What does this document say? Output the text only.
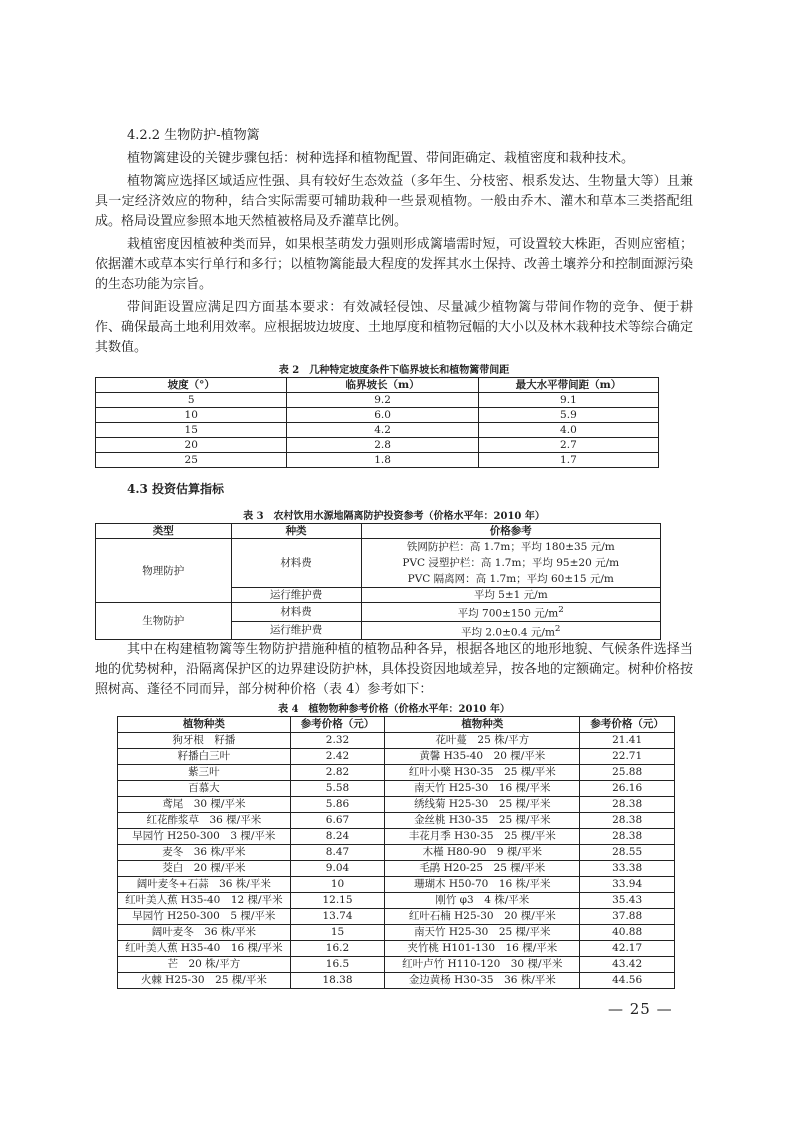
4.2.2 生物防护-植物篱

植物篱建设的关键步骤包括：树种选择和植物配置、带间距确定、栽植密度和栽种技术。

植物篱应选择区域适应性强、具有较好生态效益（多年生、分枝密、根系发达、生物量大等）且兼具一定经济效应的物种，结合实际需要可辅助栽种一些景观植物。一般由乔木、灌木和草本三类搭配组成。格局设置应参照本地天然植被格局及乔灌草比例。

栽植密度因植被种类而异，如果根茎萌发力强则形成篱墙需时短，可设置较大株距，否则应密植；依据灌木或草本实行单行和多行；以植物篱能最大程度的发挥其水土保持、改善土壤养分和控制面源污染的生态功能为宗旨。

带间距设置应满足四方面基本要求：有效减轻侵蚀、尽量减少植物篱与带间作物的竞争、便于耕作、确保最高土地利用效率。应根据坡边坡度、土地厚度和植物冠幅的大小以及林木栽种技术等综合确定其数值。

表 2　几种特定坡度条件下临界坡长和植物篱带间距
坡度（°）	临界坡长（m）	最大水平带间距（m）
5	9.2	9.1
10	6.0	5.9
15	4.2	4.0
20	2.8	2.7
25	1.8	1.7
4.3 投资估算指标
表 3　农村饮用水源地隔离防护投资参考（价格水平年：2010 年）
类型	种类	价格参考
物理防护	材料费	铁网防护栏：高 1.7m；平均 180±35 元/m
PVC 浸塑护栏：高 1.7m；平均 95±20 元/m
PVC 隔离网：高 1.7m；平均 60±15 元/m

	运行维护费	平均 5±1 元/m
生物防护	材料费	平均 700±150 元$/m^2$
	运行维护费	平均 2.0±0.4 元$/m^2$

其中在构建植物篱等生物防护措施种植的植物品种各异，根据各地区的地形地貌、气候条件选择当地的优势树种，沿隔离保护区的边界建设防护林，具体投资因地域差异，按各地的定额确定。树种价格按照树高、蓬径不同而异，部分树种价格（表 4）参考如下：

表 4　植物物种参考价格（价格水平年：2010 年）
植物种类	参考价格（元）	植物种类	参考价格（元）
狗牙根　籽播	2.32	花叶蔓　25 株/平方	21.41
籽播白三叶	2.42	黄馨 H35-40　20 棵/平米	22.71
紫三叶	2.82	红叶小檗 H30-35　25 棵/平米	25.88
百慕大	5.58	南天竹 H25-30　16 棵/平米	26.16
鸢尾　30 棵/平米	5.86	绣线菊 H25-30　25 棵/平米	28.38
红花酢浆草　36 棵/平米	6.67	金丝桃 H30-35　25 棵/平米	28.38
早园竹 H250-300　3 棵/平米	8.24	丰花月季 H30-35　25 棵/平米	28.38
麦冬　36 株/平米	8.47	木槿 H80-90　9 棵/平米	28.55
茭白　20 棵/平米	9.04	毛鹃 H20-25　25 棵/平米	33.38
阔叶麦冬+石蒜　36 株/平米	10	珊瑚木 H50-70　16 株/平米	33.94
红叶美人蕉 H35-40　12 棵/平米	12.15	刚竹 φ3　4 株/平米	35.43
早园竹 H250-300　5 棵/平米	13.74	红叶石楠 H25-30　20 棵/平米	37.88
阔叶麦冬　36 株/平米	15	南天竹 H25-30　25 棵/平米	40.88
红叶美人蕉 H35-40　16 棵/平米	16.2	夹竹桃 H101-130　16 棵/平米	42.17
芒　20 株/平方	16.5	红叶卢竹 H110-120　30 棵/平米	43.42
火棘 H25-30　25 棵/平米	18.38	金边黄杨 H30-35　36 株/平米	44.56
— 25 —
